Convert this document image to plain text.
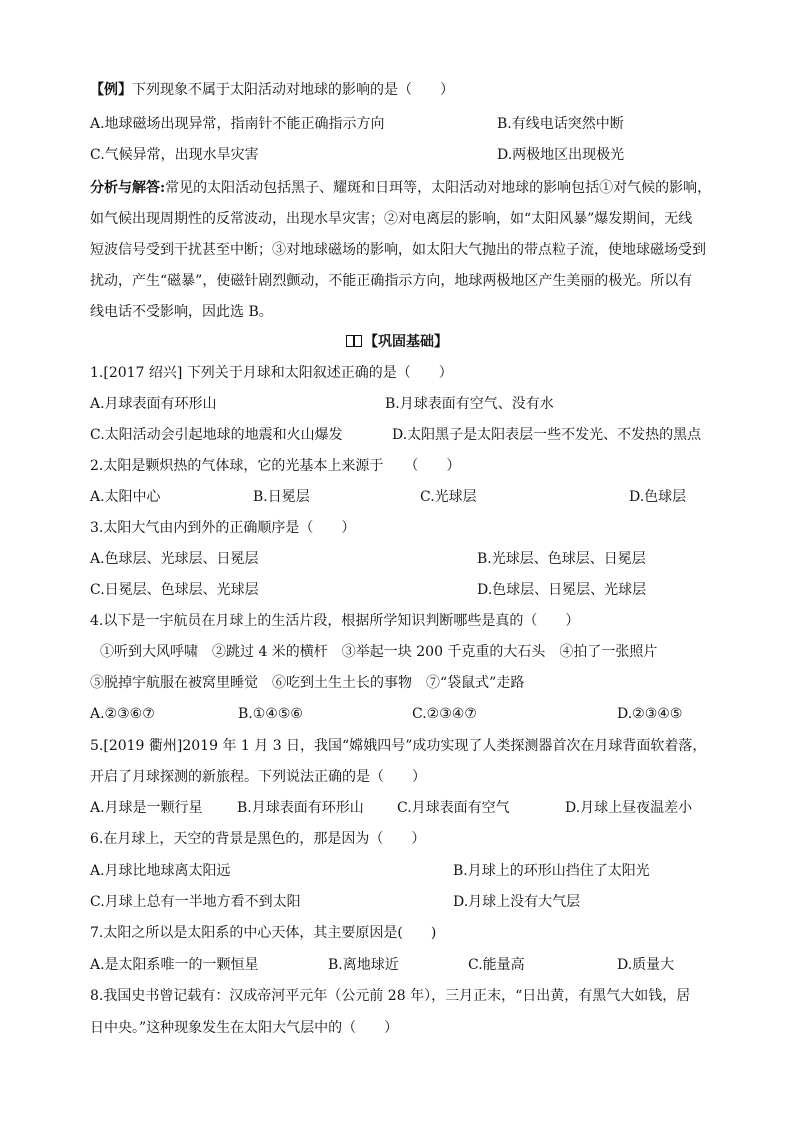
【例】下列现象不属于太阳活动对地球的影响的是（　　）
A.地球磁场出现异常，指南针不能正确指示方向	B.有线电话突然中断
C.气候异常，出现水旱灾害	D.两极地区出现极光
分析与解答:常见的太阳活动包括黑子、耀斑和日珥等，太阳活动对地球的影响包括①对气候的影响，
如气候出现周期性的反常波动，出现水旱灾害；②对电离层的影响，如“太阳风暴”爆发期间，无线
短波信号受到干扰甚至中断；③对地球磁场的影响，如太阳大气抛出的带点粒子流，使地球磁场受到
扰动，产生“磁暴”，使磁针剧烈颤动，不能正确指示方向，地球两极地区产生美丽的极光。所以有
线电话不受影响，因此选 B。
【巩固基础】
1.[2017 绍兴] 下列关于月球和太阳叙述正确的是（　　）
A.月球表面有环形山	B.月球表面有空气、没有水
C.太阳活动会引起地球的地震和火山爆发	D.太阳黑子是太阳表层一些不发光、不发热的黑点
2.太阳是颗炽热的气体球，它的光基本上来源于　　（　　）
A.太阳中心	B.日冕层	C.光球层	D.色球层
3.太阳大气由内到外的正确顺序是（　　）
A.色球层、光球层、日冕层	B.光球层、色球层、日冕层
C.日冕层、色球层、光球层	D.色球层、日冕层、光球层
4.以下是一宇航员在月球上的生活片段，根据所学知识判断哪些是真的（　　）
①听到大风呼啸　②跳过 4 米的横杆　③举起一块 200 千克重的大石头　④拍了一张照片
⑤脱掉宇航服在被窝里睡觉　⑥吃到土生土长的事物　⑦“袋鼠式”走路
A.②③⑥⑦	B.①④⑤⑥	C.②③④⑦	D.②③④⑤
5.[2019 衢州]2019 年 1 月 3 日，我国“嫦娥四号”成功实现了人类探测器首次在月球背面软着落，
开启了月球探测的新旅程。下列说法正确的是（　　）
A.月球是一颗行星 B.月球表面有环形山 C.月球表面有空气	D.月球上昼夜温差小
6.在月球上，天空的背景是黑色的，那是因为（　　）
A.月球比地球离太阳远	B.月球上的环形山挡住了太阳光
C.月球上总有一半地方看不到太阳	D.月球上没有大气层
7.太阳之所以是太阳系的中心天体，其主要原因是(　　)
A.是太阳系唯一的一颗恒星	B.离地球近	C.能量高	D.质量大
8.我国史书曾记载有：汉成帝河平元年（公元前 28 年），三月正末，“日出黄，有黑气大如钱，居
日中央。”这种现象发生在太阳大气层中的（　　）
